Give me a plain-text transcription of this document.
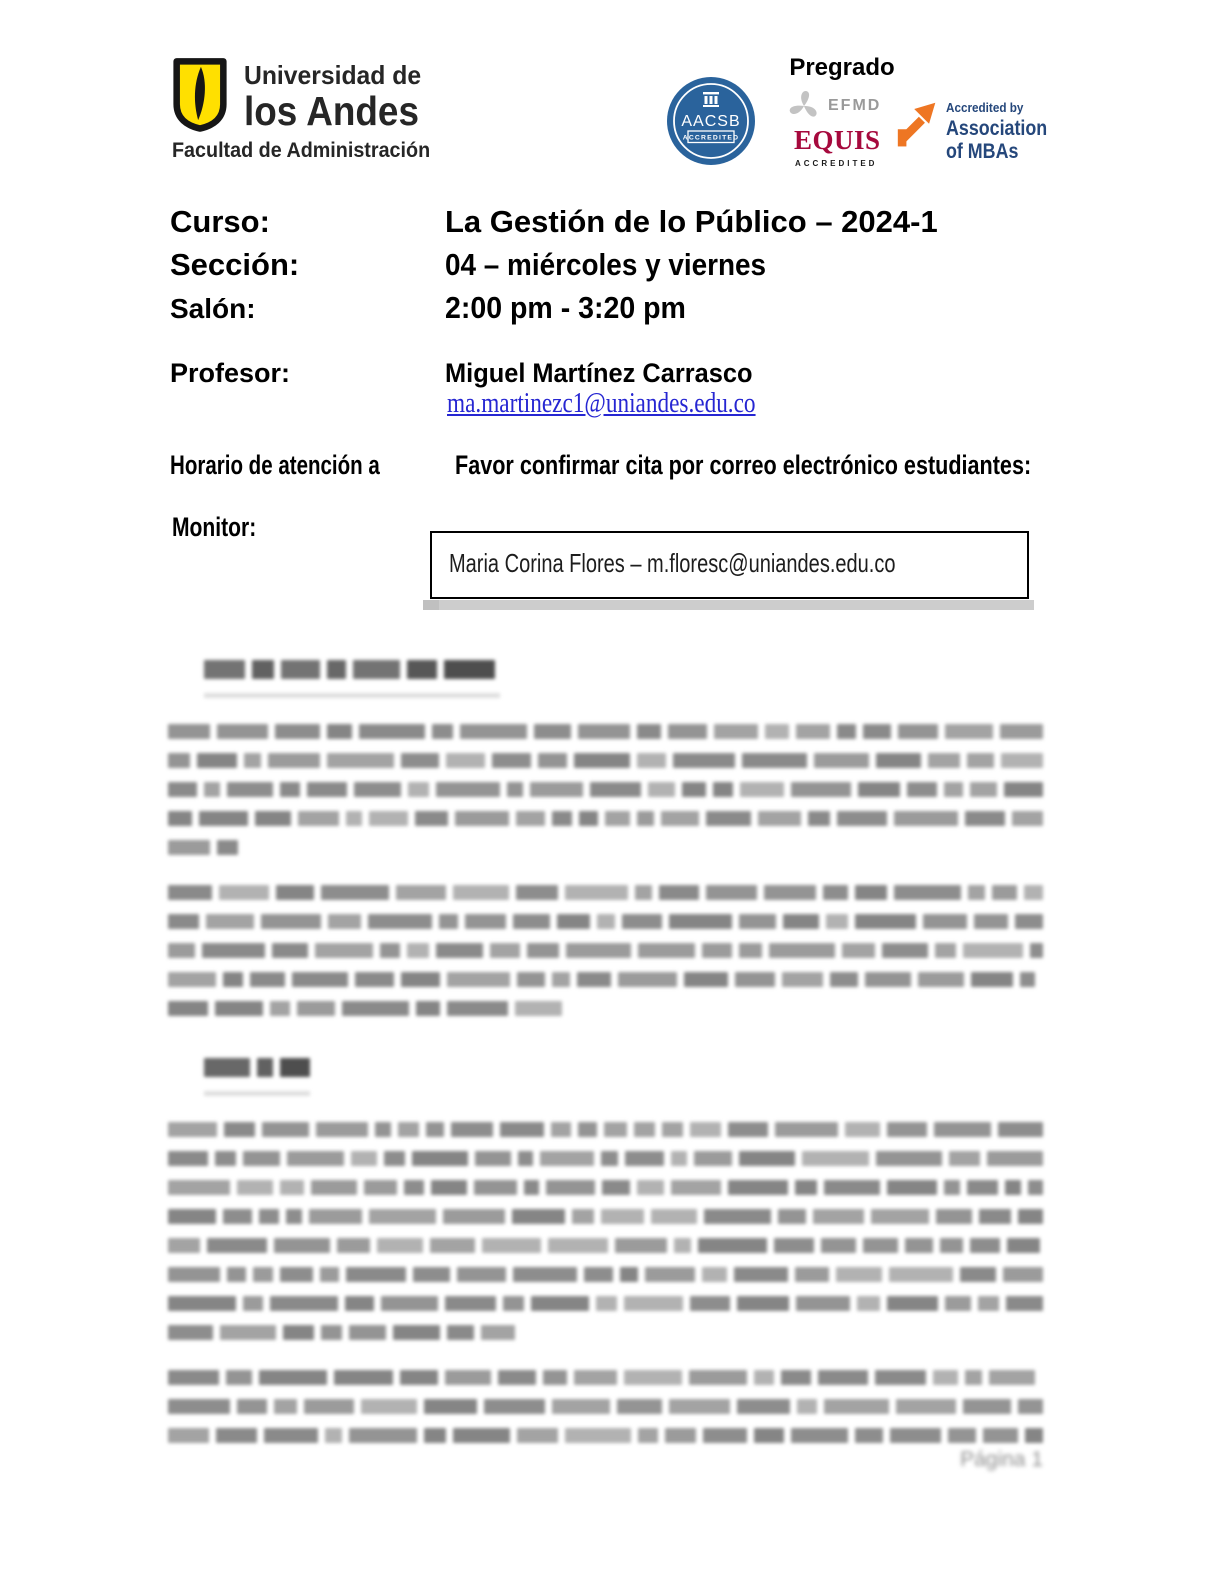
Universidad de
los Andes
Facultad de Administración
Pregrado
AACSB
ACCREDITED
EFMD
EQUIS
ACCREDITED
Accredited by
Association
of MBAs
Curso:	La Gestión de lo Público – 2024-1
Sección:	04 – miércoles y viernes
Salón:	2:00 pm - 3:20 pm
Profesor:	Miguel Martínez Carrasco
ma.martinezc1@uniandes.edu.co
Horario de atención a	Favor confirmar cita por correo electrónico estudiantes:
Monitor:
Maria Corina Flores – m.floresc@uniandes.edu.co
Página 1
